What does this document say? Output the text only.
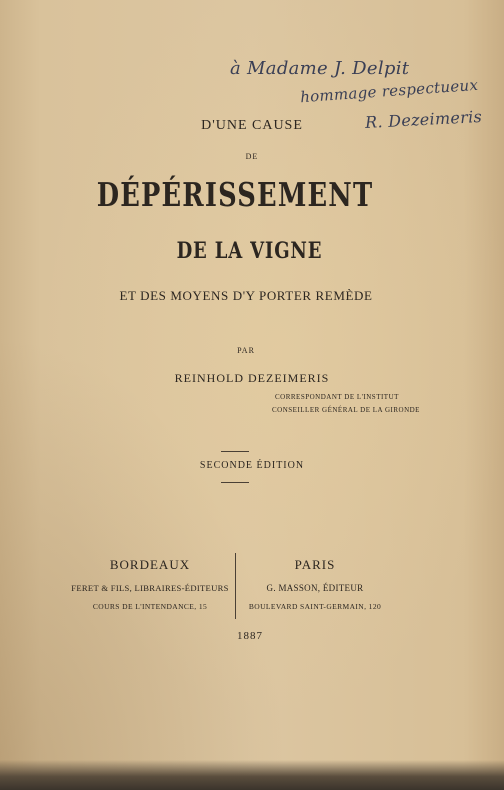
à Madame J. Delpit
hommage respectueux
R. Dezeimeris
D'UNE CAUSE
DE
DÉPÉRISSEMENT
DE LA VIGNE
ET DES MOYENS D'Y PORTER REMÈDE
PAR
REINHOLD DEZEIMERIS
CORRESPONDANT DE L'INSTITUT
CONSEILLER GÉNÉRAL DE LA GIRONDE
SECONDE ÉDITION
BORDEAUX
FERET & FILS, LIBRAIRES-ÉDITEURS
COURS DE L'INTENDANCE, 15
PARIS
G. MASSON, ÉDITEUR
BOULEVARD SAINT-GERMAIN, 120
1887
